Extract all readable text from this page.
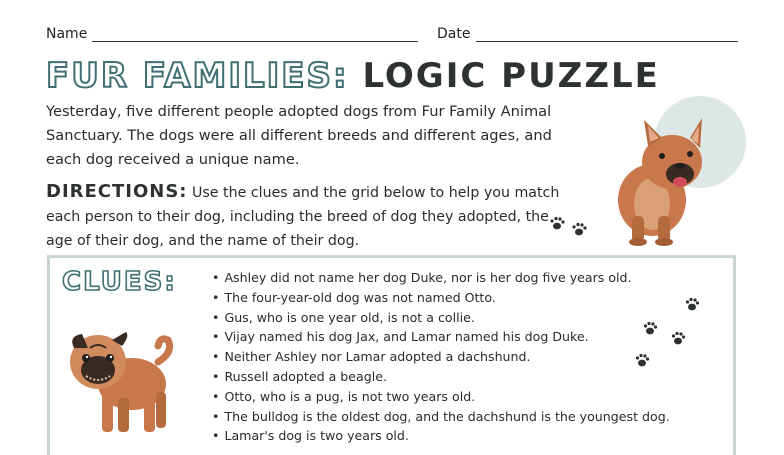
Name	Date
FUR FAMILIES: LOGIC PUZZLE
Yesterday, five different people adopted dogs from Fur Family Animal Sanctuary. The dogs were all different breeds and different ages, and each dog received a unique name.
DIRECTIONS: Use the clues and the grid below to help you match each person to their dog, including the breed of dog they adopted, the age of their dog, and the name of their dog.
CLUES:
•	Ashley did not name her dog Duke, nor is her dog five years old.
• The four-year-old dog was not named Otto.
• Gus, who is one year old, is not a collie.
• Vijay named his dog Jax, and Lamar named his dog Duke.
• Neither Ashley nor Lamar adopted a dachshund.
• Russell adopted a beagle.
• Otto, who is a pug, is not two years old.
• The bulldog is the oldest dog, and the dachshund is the youngest dog.
• Lamar's dog is two years old.
